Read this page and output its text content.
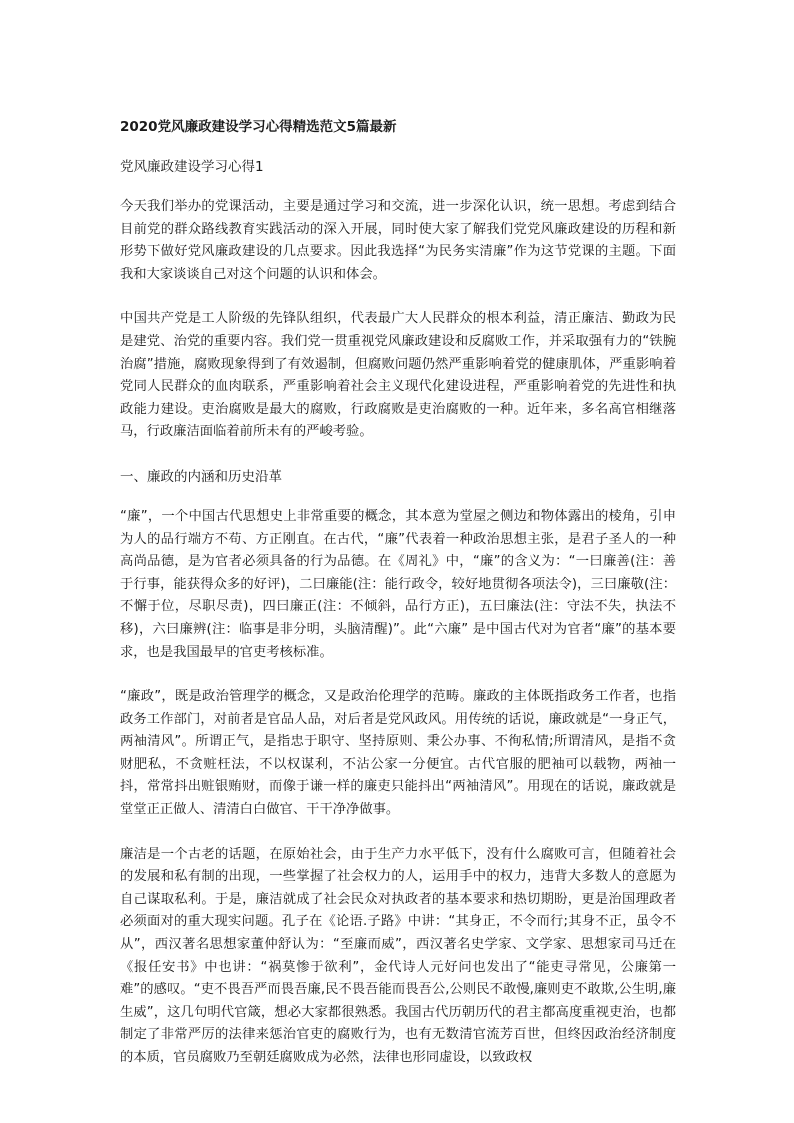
2020党风廉政建设学习心得精选范文5篇最新
党风廉政建设学习心得1

今天我们举办的党课活动，主要是通过学习和交流，进一步深化认识，统一思想。考虑到结合目前党的群众路线教育实践活动的深入开展，同时使大家了解我们党党风廉政建设的历程和新形势下做好党风廉政建设的几点要求。因此我选择“为民务实清廉”作为这节党课的主题。下面我和大家谈谈自己对这个问题的认识和体会。

中国共产党是工人阶级的先锋队组织，代表最广大人民群众的根本利益，清正廉洁、勤政为民是建党、治党的重要内容。我们党一贯重视党风廉政建设和反腐败工作，并采取强有力的“铁腕治腐”措施，腐败现象得到了有效遏制，但腐败问题仍然严重影响着党的健康肌体，严重影响着党同人民群众的血肉联系，严重影响着社会主义现代化建设进程，严重影响着党的先进性和执政能力建设。吏治腐败是最大的腐败，行政腐败是吏治腐败的一种。近年来，多名高官相继落马，行政廉洁面临着前所未有的严峻考验。

一、廉政的内涵和历史沿革

“廉”，一个中国古代思想史上非常重要的概念，其本意为堂屋之侧边和物体露出的棱角，引申为人的品行端方不苟、方正刚直。在古代，“廉”代表着一种政治思想主张，是君子圣人的一种高尚品德，是为官者必须具备的行为品德。在《周礼》中，“廉”的含义为：“一曰廉善(注：善于行事，能获得众多的好评)，二曰廉能(注：能行政令，较好地贯彻各项法令)，三曰廉敬(注：不懈于位，尽职尽责)，四曰廉正(注：不倾斜，品行方正)，五曰廉法(注：守法不失，执法不移)，六曰廉辨(注：临事是非分明，头脑清醒)”。此“六廉” 是中国古代对为官者“廉”的基本要求，也是我国最早的官吏考核标准。

“廉政”，既是政治管理学的概念，又是政治伦理学的范畴。廉政的主体既指政务工作者，也指政务工作部门，对前者是官品人品，对后者是党风政风。用传统的话说，廉政就是“一身正气，两袖清风”。所谓正气，是指忠于职守、坚持原则、秉公办事、不徇私情;所谓清风，是指不贪财肥私，不贪赃枉法，不以权谋利，不沾公家一分便宜。古代官服的肥袖可以载物，两袖一抖，常常抖出赃银贿财，而像于谦一样的廉吏只能抖出“两袖清风”。用现在的话说，廉政就是堂堂正正做人、清清白白做官、干干净净做事。

廉洁是一个古老的话题，在原始社会，由于生产力水平低下，没有什么腐败可言，但随着社会的发展和私有制的出现，一些掌握了社会权力的人，运用手中的权力，违背大多数人的意愿为自己谋取私利。于是，廉洁就成了社会民众对执政者的基本要求和热切期盼，更是治国理政者必须面对的重大现实问题。孔子在《论语.子路》中讲：“其身正，不令而行;其身不正，虽令不从”，西汉著名思想家董仲舒认为：“至廉而威”，西汉著名史学家、文学家、思想家司马迁在《报任安书》中也讲：“祸莫惨于欲利”，金代诗人元好问也发出了“能吏寻常见，公廉第一难”的感叹。“吏不畏吾严而畏吾廉,民不畏吾能而畏吾公,公则民不敢慢,廉则吏不敢欺,公生明,廉生威”，这几句明代官箴，想必大家都很熟悉。我国古代历朝历代的君主都高度重视吏治，也都制定了非常严厉的法律来惩治官吏的腐败行为，也有无数清官流芳百世，但终因政治经济制度的本质，官员腐败乃至朝廷腐败成为必然，法律也形同虚设，以致政权
